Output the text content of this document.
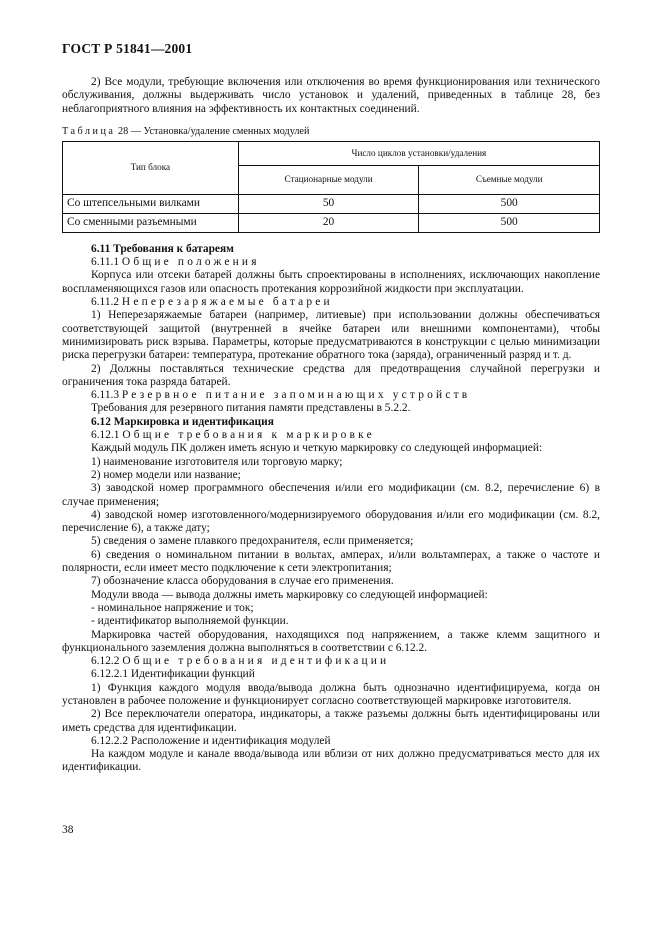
ГОСТ Р 51841—2001

2) Все модули, требующие включения или отключения во время функционирования или технического обслуживания, должны выдерживать число установок и удалений, приведенных в таблице 28, без неблагоприятного влияния на эффективность их контактных соединений.

Таблица 28 — Установка/удаление сменных модулей
Тип блока	Число циклов установки/удаления	
	Стационарные модули	Съемные модули
Со штепсельными вилками	50	500
Со сменными разъемными	20	500

6.11 Требования к батареям

6.11.1 Общие положения

Корпуса или отсеки батарей должны быть спроектированы в исполнениях, исключающих накопление воспламеняющихся газов или опасность протекания коррозийной жидкости при эксплуатации.

6.11.2 Неперезаряжаемые батареи

1) Неперезаряжаемые батареи (например, литиевые) при использовании должны обеспечиваться соответствующей защитой (внутренней в ячейке батареи или внешними компонентами), чтобы минимизировать риск взрыва. Параметры, которые предусматриваются в конструкции с целью минимизации риска перегрузки батареи: температура, протекание обратного тока (заряда), ограниченный разряд и т. д.

2) Должны поставляться технические средства для предотвращения случайной перегрузки и ограничения тока разряда батарей.

6.11.3 Резервное питание запоминающих устройств

Требования для резервного питания памяти представлены в 5.2.2.

6.12 Маркировка и идентификация

6.12.1 Общие требования к маркировке

Каждый модуль ПК должен иметь ясную и четкую маркировку со следующей информацией:

1) наименование изготовителя или торговую марку;

2) номер модели или название;

3) заводской номер программного обеспечения и/или его модификации (см. 8.2, перечисление 6) в случае применения;

4) заводской номер изготовленного/модернизируемого оборудования и/или его модификации (см. 8.2, перечисление 6), а также дату;

5) сведения о замене плавкого предохранителя, если применяется;

6) сведения о номинальном питании в вольтах, амперах, и/или вольтамперах, а также о частоте и полярности, если имеет место подключение к сети электропитания;

7) обозначение класса оборудования в случае его применения.

Модули ввода — вывода должны иметь маркировку со следующей информацией:

- номинальное напряжение и ток;

- идентификатор выполняемой функции.

Маркировка частей оборудования, находящихся под напряжением, а также клемм защитного и функционального заземления должна выполняться в соответствии с 6.12.2.

6.12.2 Общие требования идентификации

6.12.2.1 Идентификации функций

1) Функция каждого модуля ввода/вывода должна быть однозначно идентифицируема, когда он установлен в рабочее положение и функционирует согласно соответствующей маркировке изготовителя.

2) Все переключатели оператора, индикаторы, а также разъемы должны быть идентифицированы или иметь средства для идентификации.

6.12.2.2 Расположение и идентификация модулей

На каждом модуле и канале ввода/вывода или вблизи от них должно предусматриваться место для их идентификации.

38
